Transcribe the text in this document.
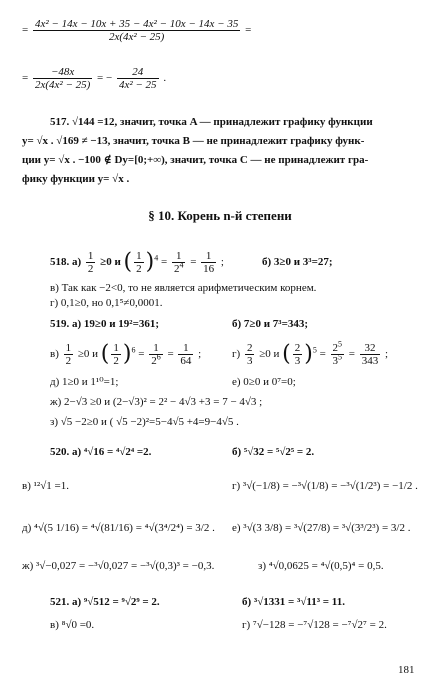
= $\frac{\text{4x² − 14x − 10x + 35 − 4x² − 10x − 14x − 35}}{\text{2x(4x² − 25)}}$ =
= $\frac{-48x}{\text{2x(4x² − 25)}}$ = − $\frac{24}{\text{4x² − 25}}$ .
517. √144 =12, значит, точка A — принадлежит графику функции
y= √x . √169 ≠ −13, значит, точка B — не принадлежит графику функ-
ции y= √x . −100 ∉ Dy=[0;+∞), значит, точка C — не принадлежит гра-
фику функции y= √x .
§ 10. Корень n-й степени
518. $а) \frac{1}{2} \ge 0$ и ( $\frac{1}{2} )^4 = \frac{1}{2^4} = \frac{1}{16}$ ;	б) 3≥0 и 3³=27;
в) Так как −2<0, то не является арифметическим корнем.
г) 0,1≥0, но 0,1⁵≠0,0001.
519. а) 19≥0 и 19²=361;	б) 7≥0 и 7³=343;
$в) \frac{1}{2} \ge 0$ и ( $\frac{1}{2} )^6 = \frac{1}{2^6} = \frac{1}{64}$ ;	$г) \frac{2}{3} \ge 0$ и ( $\frac{2}{3} )^5 = \frac{2^5}{3^5} = \frac{32}{343}$ ;
д) 1≥0 и 1¹⁰=1;	е) 0≥0 и 0⁷=0;
ж) 2−√3 ≥0 и (2−√3)² = 2² − 4√3 +3 = 7 − 4√3 ;
з) √5 −2≥0 и ( √5 −2)²=5−4√5 +4=9−4√5 .
520. а) ⁴√16 = ⁴√2⁴ =2.	б) ⁵√32 = ⁵√2⁵ = 2.
в) ¹²√1 =1.	г) ³√(−1/8) = −³√(1/8) = −³√(1/2³) = −1/2 .
д) ⁴√(5 1/16) = ⁴√(81/16) = ⁴√(3⁴/2⁴) = 3/2 . е) ³√(3 3/8) = ³√(27/8) = ³√(3³/2³) = 3/2 .
ж) ³√−0,027 = −³√0,027 = −³√(0,3)³ = −0,3.	з) ⁴√0,0625 = ⁴√(0,5)⁴ = 0,5.
521. а) ⁹√512 = ⁹√2⁹ = 2.	б) ³√1331 = ³√11³ = 11.
в) ⁸√0 =0.	г) ⁷√−128 = −⁷√128 = −⁷√2⁷ = 2.
181
